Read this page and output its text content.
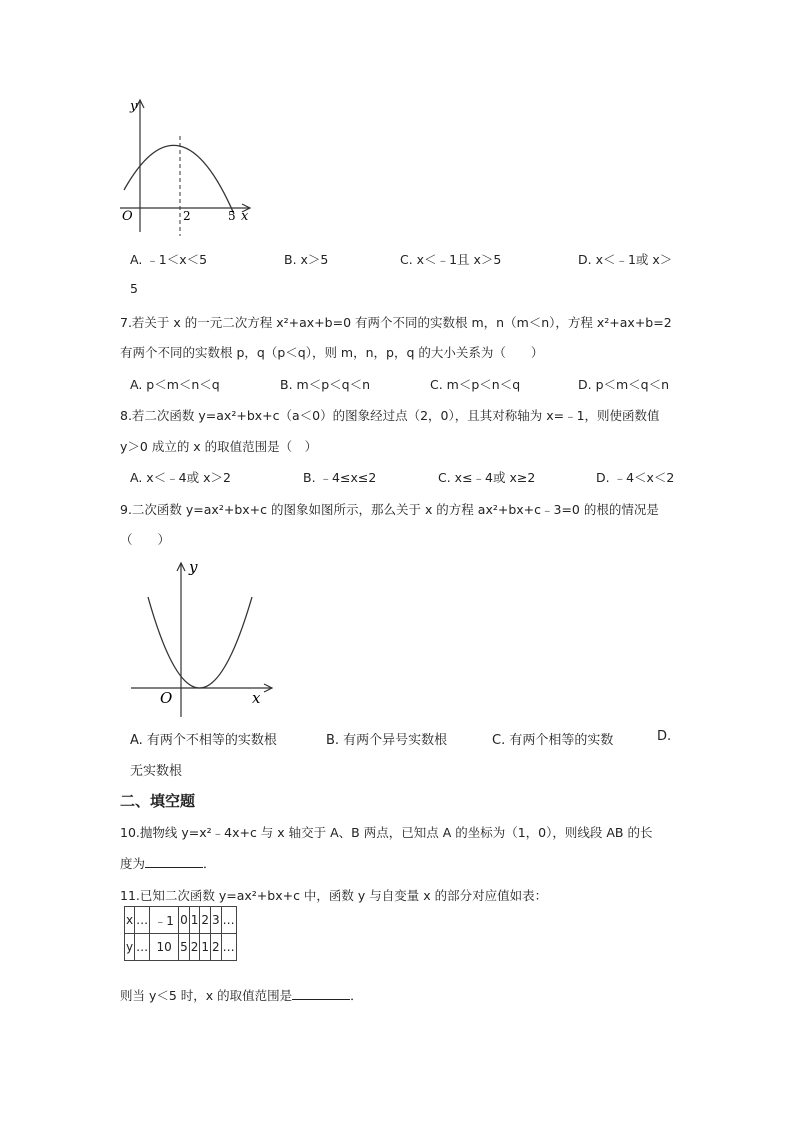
y
x
O	2	5
A. ﹣1＜x＜5	B. x＞5	C. x＜﹣1且 x＞5	D. x＜﹣1或 x＞
5
7.若关于 x 的一元二次方程 x²+ax+b=0 有两个不同的实数根 m，n（m＜n），方程 x²+ax+b=2
有两个不同的实数根 p，q（p＜q），则 m，n，p，q 的大小关系为（　　）
A. p＜m＜n＜q	B. m＜p＜q＜n	C. m＜p＜n＜q	D. p＜m＜q＜n
8.若二次函数 y=ax²+bx+c（a＜0）的图象经过点（2，0），且其对称轴为 x=﹣1，则使函数值
y＞0 成立的 x 的取值范围是（　）
A. x＜﹣4或 x＞2	B. ﹣4≤x≤2	C. x≤﹣4或 x≥2	D. ﹣4＜x＜2
9.二次函数 y=ax²+bx+c 的图象如图所示，那么关于 x 的方程 ax²+bx+c﹣3=0 的根的情况是
（　　）
y
x
O
A. 有两个不相等的实数根	B. 有两个异号实数根	C. 有两个相等的实数	D.
无实数根
二、填空题
10.抛物线 y=x²﹣4x+c 与 x 轴交于 A、B 两点，已知点 A 的坐标为（1，0），则线段 AB 的长
度为	．
11.已知二次函数 y=ax²+bx+c 中，函数 y 与自变量 x 的部分对应值如表：
x	…	﹣1	0	1	2	3	…
y	…	10	5	2	1	2	…
则当 y＜5 时，x 的取值范围是	．
